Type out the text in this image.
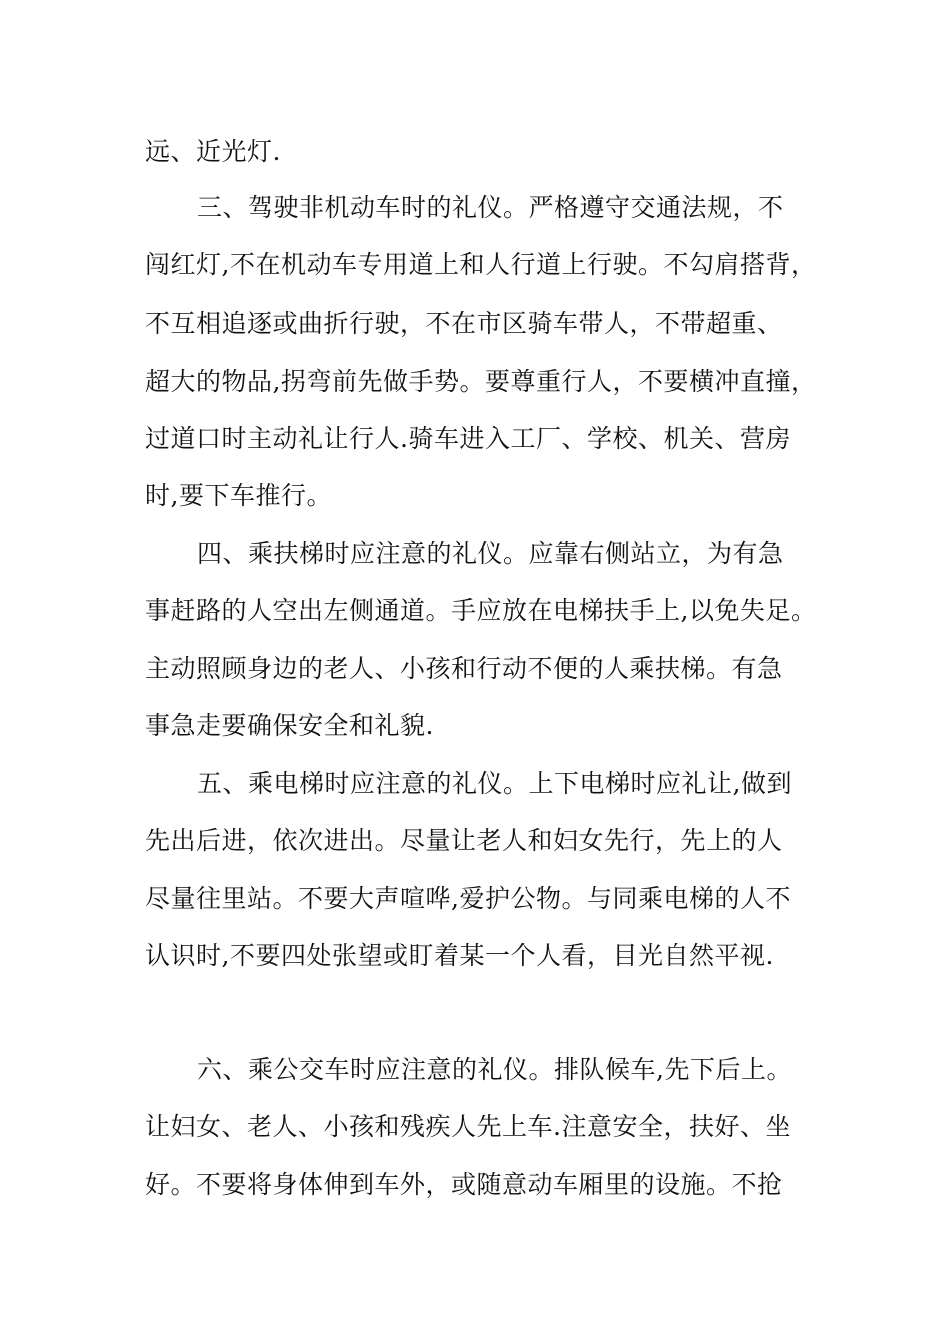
远、近光灯.

三、驾驶非机动车时的礼仪。严格遵守交通法规，不

闯红灯,不在机动车专用道上和人行道上行驶。不勾肩搭背，

不互相追逐或曲折行驶，不在市区骑车带人，不带超重、

超大的物品,拐弯前先做手势。要尊重行人，不要横冲直撞，

过道口时主动礼让行人.骑车进入工厂、学校、机关、营房

时,要下车推行。

四、乘扶梯时应注意的礼仪。应靠右侧站立，为有急

事赶路的人空出左侧通道。手应放在电梯扶手上,以免失足。

主动照顾身边的老人、小孩和行动不便的人乘扶梯。有急

事急走要确保安全和礼貌.

五、乘电梯时应注意的礼仪。上下电梯时应礼让,做到

先出后进，依次进出。尽量让老人和妇女先行，先上的人

尽量往里站。不要大声喧哗,爱护公物。与同乘电梯的人不

认识时,不要四处张望或盯着某一个人看，目光自然平视.

六、乘公交车时应注意的礼仪。排队候车,先下后上。

让妇女、老人、小孩和残疾人先上车.注意安全，扶好、坐

好。不要将身体伸到车外，或随意动车厢里的设施。不抢
